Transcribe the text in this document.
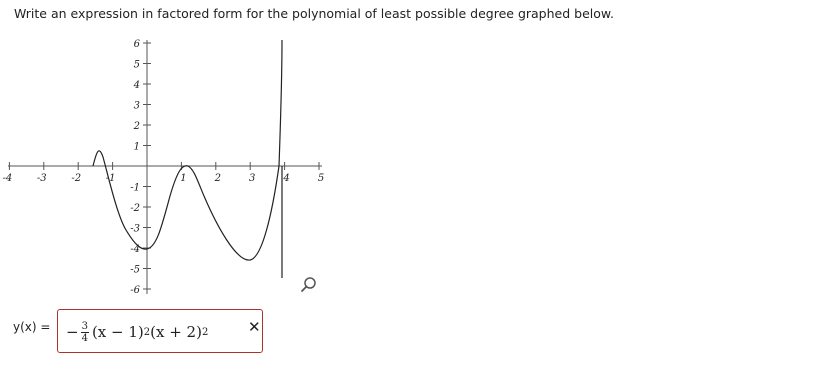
Write an expression in factored form for the polynomial of least possible degree graphed below.
-4 -3 -2 -1	1	2	3	4	5
6
5
4
3
2
1
-1
-2
-3
-4
-5
-6
y(x) = − $\frac{3}{4} (x - 1)$ 2 (x + 2) 2	✕
